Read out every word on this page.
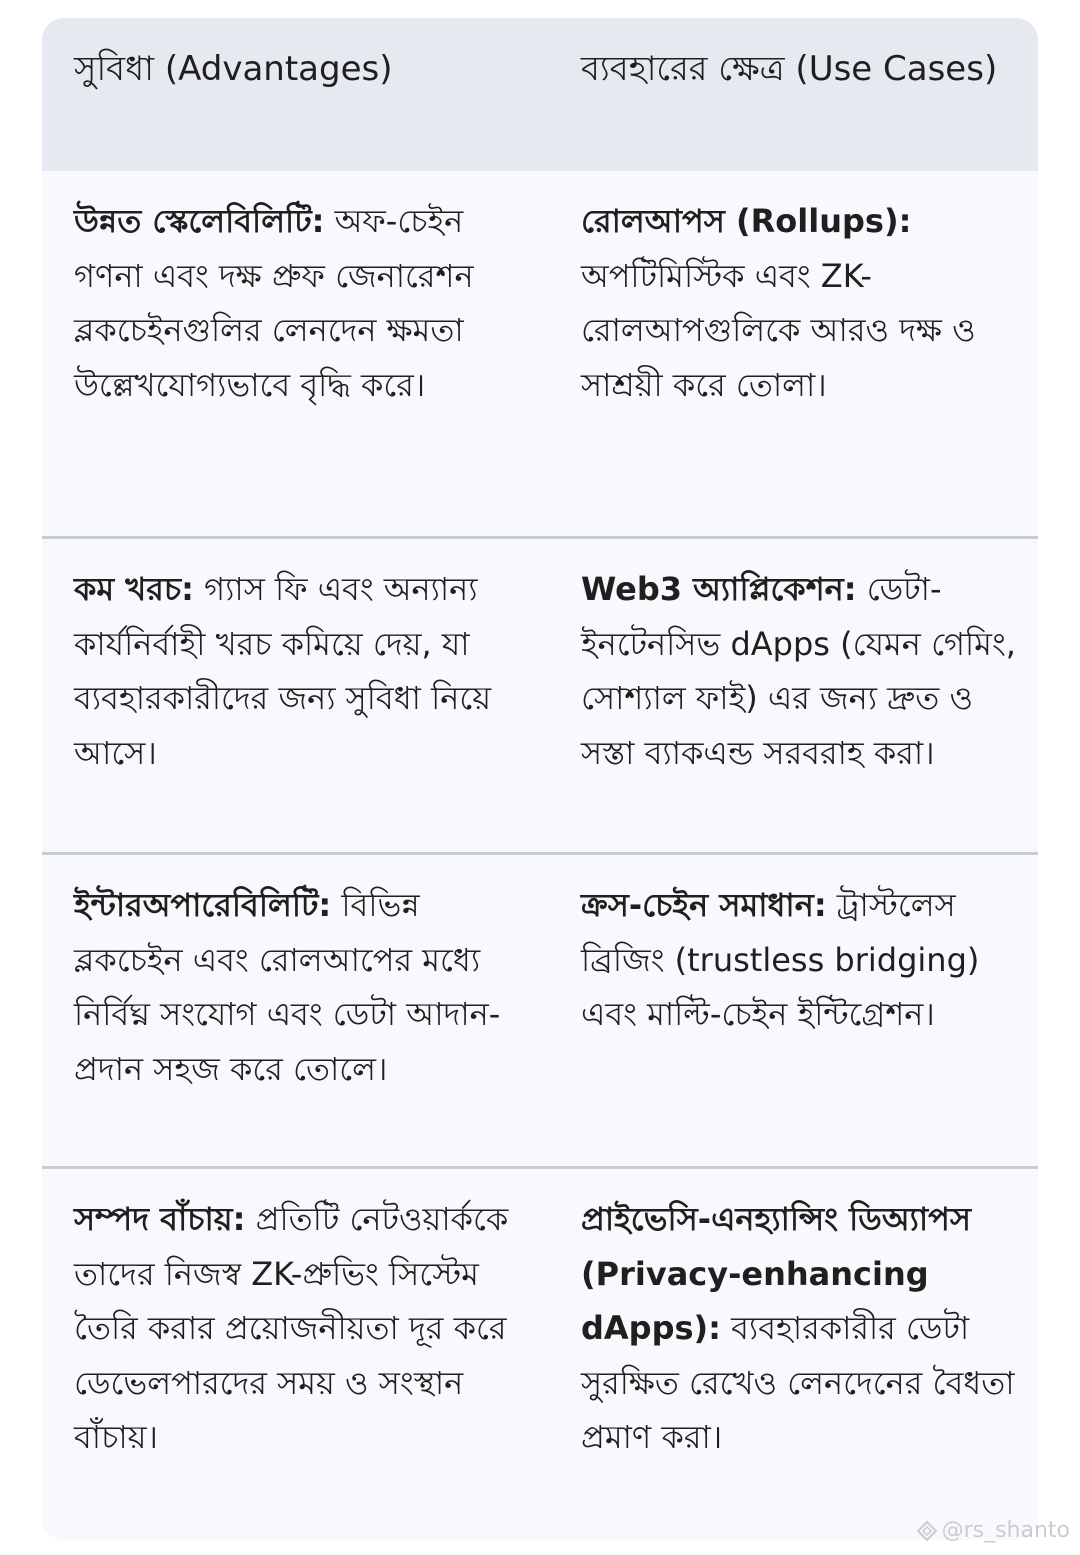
সুবিধা (Advantages)	ব্যবহারের ক্ষেত্র (Use Cases)
উন্নত স্কেলেবিলিটি: অফ-চেইন গণনা এবং দক্ষ প্রুফ জেনারেশন ব্লকচেইনগুলির লেনদেন ক্ষমতা উল্লেখযোগ্যভাবে বৃদ্ধি করে।
রোলআপস (Rollups): অপটিমিস্টিক এবং ZK-রোলআপগুলিকে আরও দক্ষ ও সাশ্রয়ী করে তোলা।
কম খরচ: গ্যাস ফি এবং অন্যান্য কার্যনির্বাহী খরচ কমিয়ে দেয়, যা ব্যবহারকারীদের জন্য সুবিধা নিয়ে আসে।
Web3 অ্যাপ্লিকেশন: ডেটা-ইনটেনসিভ dApps (যেমন গেমিং, সোশ্যাল ফাই) এর জন্য দ্রুত ও সস্তা ব্যাকএন্ড সরবরাহ করা।
ইন্টারঅপারেবিলিটি: বিভিন্ন ব্লকচেইন এবং রোলআপের মধ্যে নির্বিঘ্ন সংযোগ এবং ডেটা আদান-প্রদান সহজ করে তোলে।
ক্রস-চেইন সমাধান: ট্রাস্টলেস ব্রিজিং (trustless bridging) এবং মাল্টি-চেইন ইন্টিগ্রেশন।
সম্পদ বাঁচায়: প্রতিটি নেটওয়ার্ককে তাদের নিজস্ব ZK-প্রুভিং সিস্টেম তৈরি করার প্রয়োজনীয়তা দূর করে ডেভেলপারদের সময় ও সংস্থান বাঁচায়।
প্রাইভেসি-এনহ্যান্সিং ডিঅ্যাপস (Privacy-enhancing dApps): ব্যবহারকারীর ডেটা সুরক্ষিত রেখেও লেনদেনের বৈধতা প্রমাণ করা।
@rs_shanto
